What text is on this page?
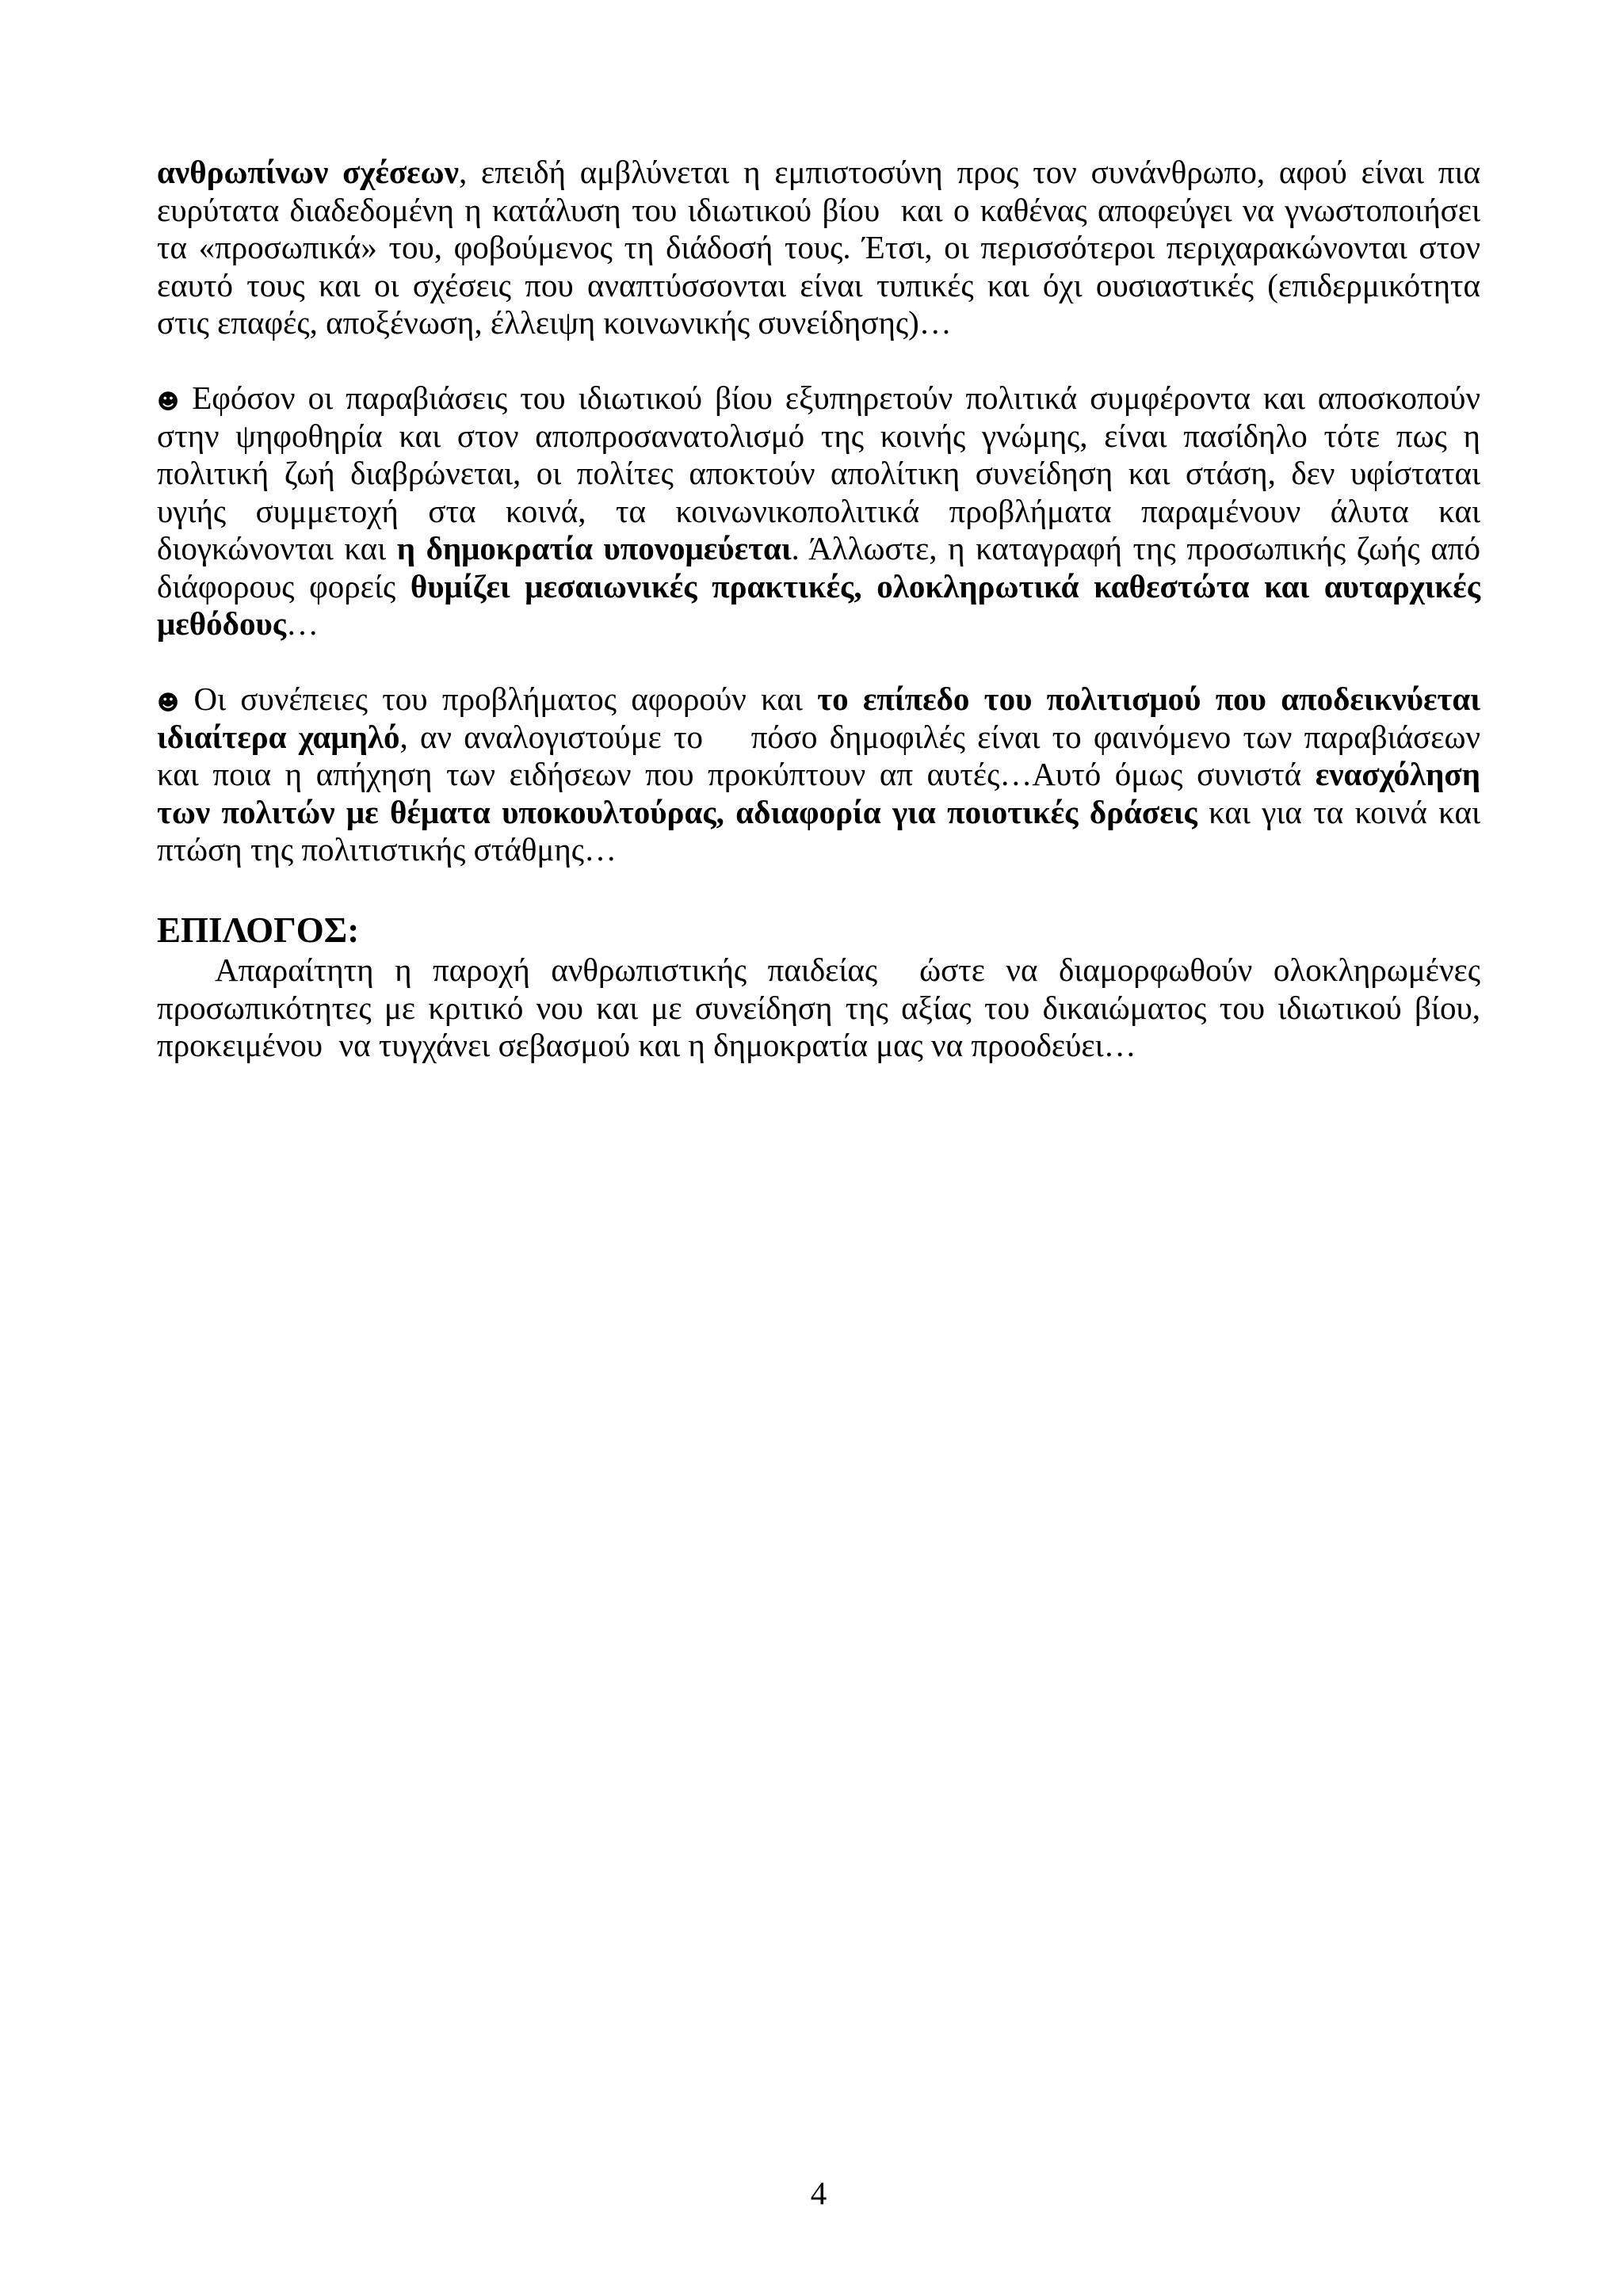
ανθρωπίνων σχέσεων, επειδή αμβλύνεται η εμπιστοσύνη προς τον συνάνθρωπο, αφού είναι πια
ευρύτατα διαδεδομένη η κατάλυση του ιδιωτικού βίου  και ο καθένας αποφεύγει να γνωστοποιήσει
τα «προσωπικά» του, φοβούμενος τη διάδοσή τους. Έτσι, οι περισσότεροι περιχαρακώνονται στον
εαυτό τους και οι σχέσεις που αναπτύσσονται είναι τυπικές και όχι ουσιαστικές (επιδερμικότητα
στις επαφές, αποξένωση, έλλειψη κοινωνικής συνείδησης)…
☻ Εφόσον οι παραβιάσεις του ιδιωτικού βίου εξυπηρετούν πολιτικά συμφέροντα και αποσκοπούν
στην ψηφοθηρία και στον αποπροσανατολισμό της κοινής γνώμης, είναι πασίδηλο τότε πως η
πολιτική ζωή διαβρώνεται, οι πολίτες αποκτούν απολίτικη συνείδηση και στάση, δεν υφίσταται
υγιής συμμετοχή στα κοινά, τα κοινωνικοπολιτικά προβλήματα παραμένουν άλυτα και
διογκώνονται και η δημοκρατία υπονομεύεται. Άλλωστε, η καταγραφή της προσωπικής ζωής από
διάφορους φορείς θυμίζει μεσαιωνικές πρακτικές, ολοκληρωτικά καθεστώτα και αυταρχικές
μεθόδους…
☻ Οι συνέπειες του προβλήματος αφορούν και το επίπεδο του πολιτισμού που αποδεικνύεται
ιδιαίτερα χαμηλό, αν αναλογιστούμε το    πόσο δημοφιλές είναι το φαινόμενο των παραβιάσεων
και ποια η απήχηση των ειδήσεων που προκύπτουν απ αυτές…Αυτό όμως συνιστά ενασχόληση
των πολιτών με θέματα υποκουλτούρας, αδιαφορία για ποιοτικές δράσεις και για τα κοινά και
πτώση της πολιτιστικής στάθμης…
ΕΠΙΛΟΓΟΣ:
Απαραίτητη η παροχή ανθρωπιστικής παιδείας  ώστε να διαμορφωθούν ολοκληρωμένες
προσωπικότητες με κριτικό νου και με συνείδηση της αξίας του δικαιώματος του ιδιωτικού βίου,
προκειμένου  να τυγχάνει σεβασμού και η δημοκρατία μας να προοδεύει…
4
